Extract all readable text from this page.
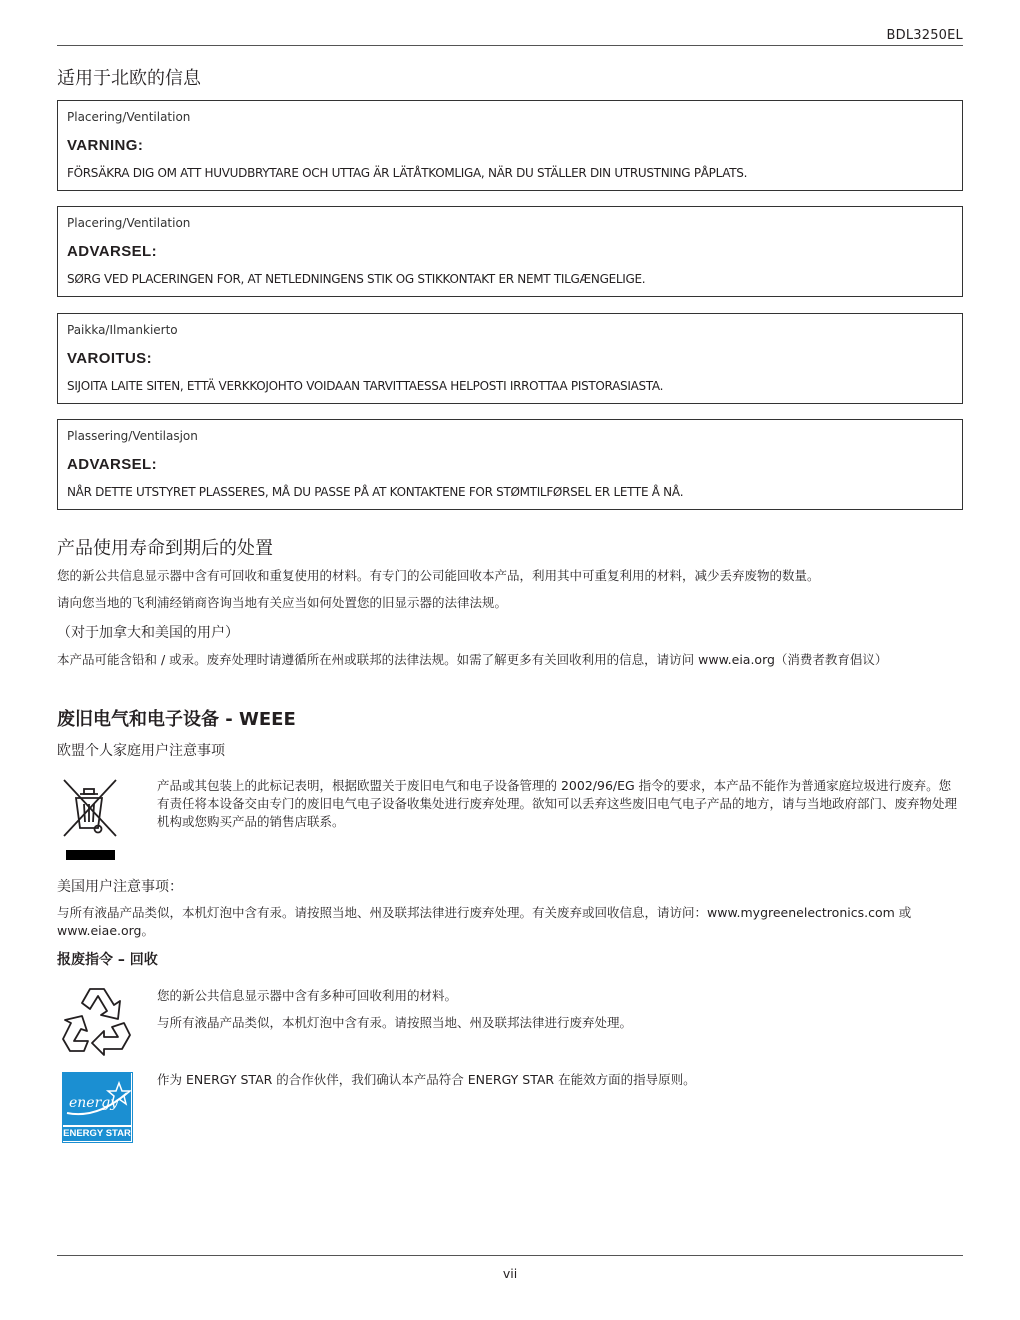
BDL3250EL
适用于北欧的信息
Placering/Ventilation
VARNING:
FÖRSÄKRA DIG OM ATT HUVUDBRYTARE OCH UTTAG ÄR LÄTÅTKOMLIGA, NÄR DU STÄLLER DIN UTRUSTNING PÅPLATS.
Placering/Ventilation
ADVARSEL:
SØRG VED PLACERINGEN FOR, AT NETLEDNINGENS STIK OG STIKKONTAKT ER NEMT TILGÆNGELIGE.
Paikka/Ilmankierto
VAROITUS:
SIJOITA LAITE SITEN, ETTÄ VERKKOJOHTO VOIDAAN TARVITTAESSA HELPOSTI IRROTTAA PISTORASIASTA.
Plassering/Ventilasjon
ADVARSEL:
NÅR DETTE UTSTYRET PLASSERES, MÅ DU PASSE PÅ AT KONTAKTENE FOR STØMTILFØRSEL ER LETTE Å NÅ.
产品使用寿命到期后的处置
您的新公共信息显示器中含有可回收和重复使用的材料。有专门的公司能回收本产品，利用其中可重复利用的材料，减少丢弃废物的数量。
请向您当地的飞利浦经销商咨询当地有关应当如何处置您的旧显示器的法律法规。
（对于加拿大和美国的用户）
本产品可能含铅和 / 或汞。废弃处理时请遵循所在州或联邦的法律法规。如需了解更多有关回收利用的信息，请访问 www.eia.org（消费者教育倡议）
废旧电气和电子设备 - WEEE
欧盟个人家庭用户注意事项
产品或其包装上的此标记表明，根据欧盟关于废旧电气和电子设备管理的 2002/96/EG 指令的要求，本产品不能作为普通家庭垃圾进行废弃。您有责任将本设备交由专门的废旧电气电子设备收集处进行废弃处理。欲知可以丢弃这些废旧电气电子产品的地方，请与当地政府部门、废弃物处理机构或您购买产品的销售店联系。
美国用户注意事项：
与所有液晶产品类似，本机灯泡中含有汞。请按照当地、州及联邦法律进行废弃处理。有关废弃或回收信息，请访问：www.mygreenelectronics.com 或 www.eiae.org。
报废指令 – 回收
您的新公共信息显示器中含有多种可回收利用的材料。
与所有液晶产品类似，本机灯泡中含有汞。请按照当地、州及联邦法律进行废弃处理。
energy
ENERGY STAR
作为 ENERGY STAR 的合作伙伴，我们确认本产品符合 ENERGY STAR 在能效方面的指导原则。
vii
